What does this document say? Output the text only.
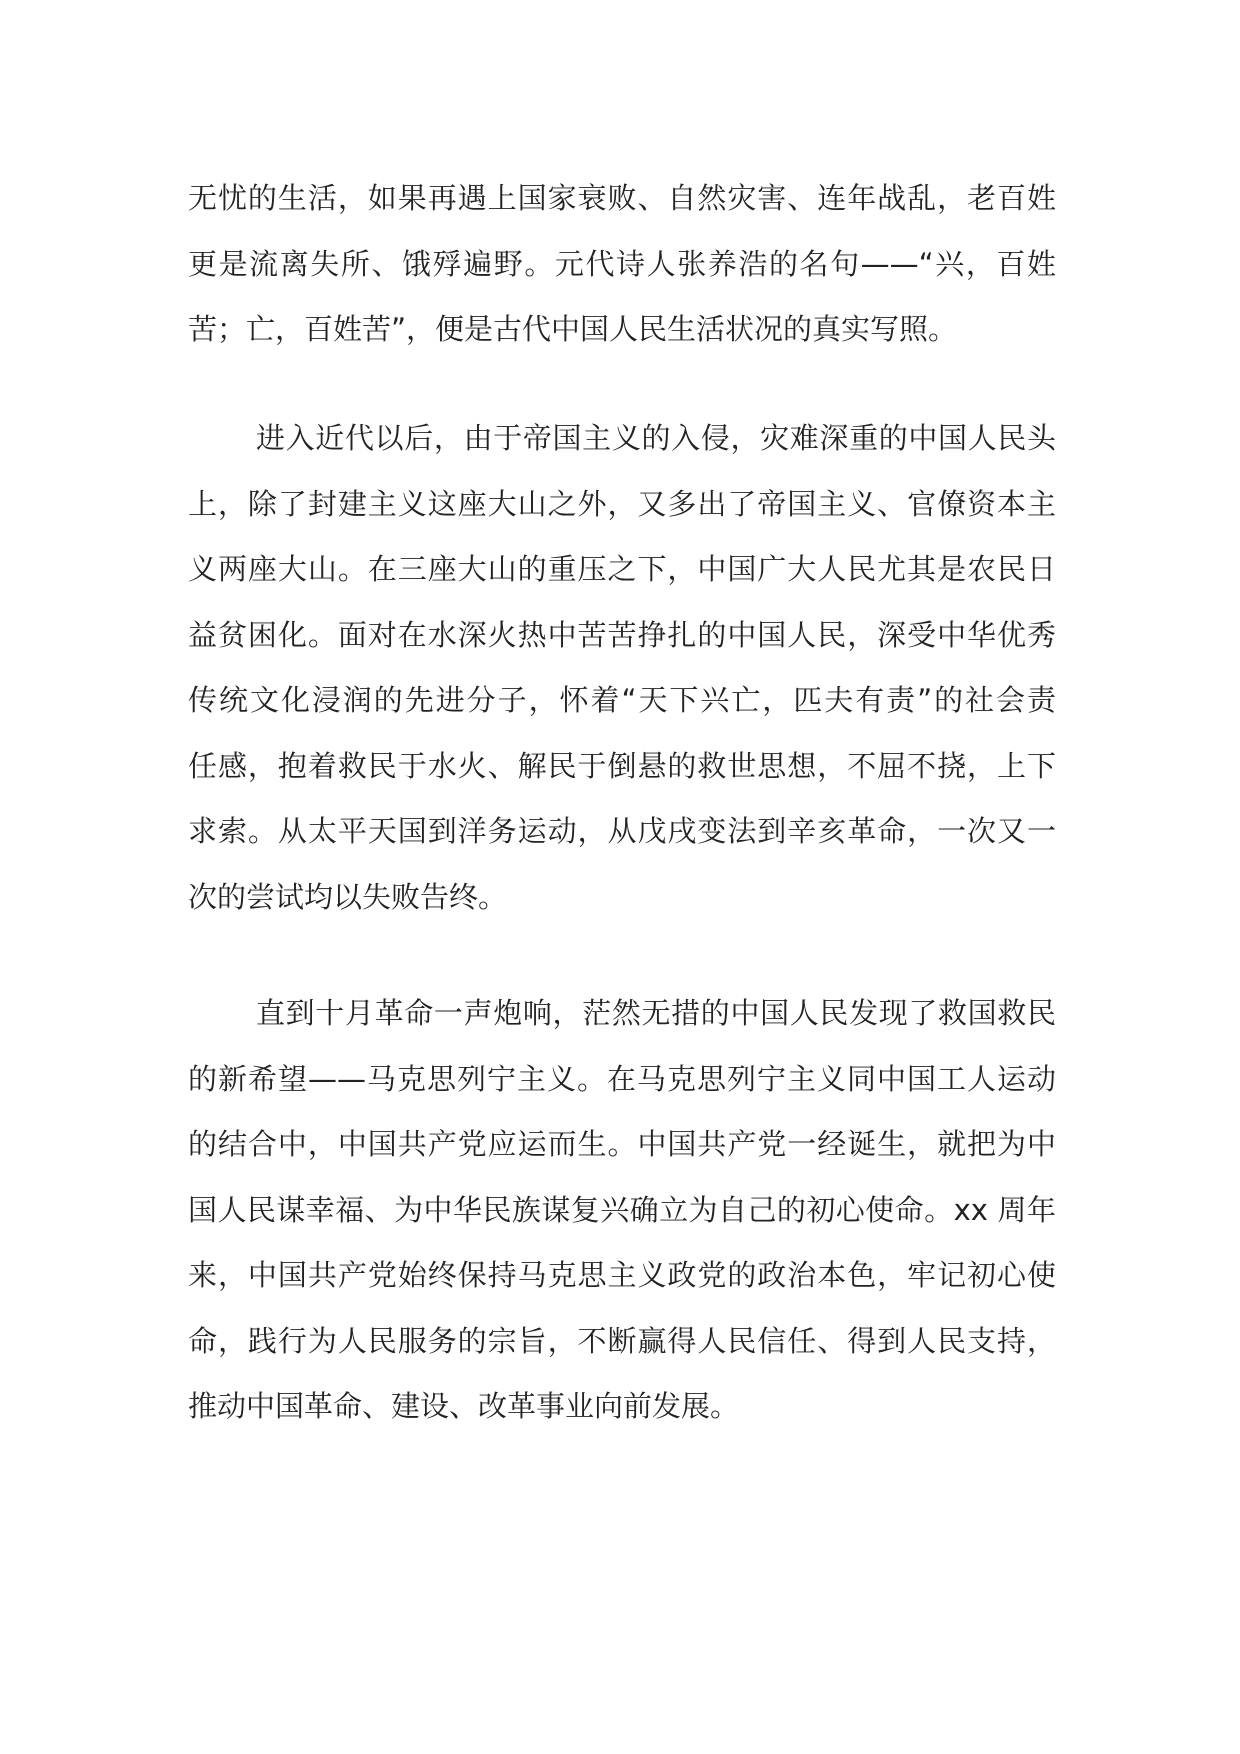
无忧的生活，如果再遇上国家衰败、自然灾害、连年战乱，老百姓
更是流离失所、饿殍遍野。元代诗人张养浩的名句——“兴，百姓
苦；亡，百姓苦”，便是古代中国人民生活状况的真实写照。

进入近代以后，由于帝国主义的入侵，灾难深重的中国人民头
上，除了封建主义这座大山之外，又多出了帝国主义、官僚资本主
义两座大山。在三座大山的重压之下，中国广大人民尤其是农民日
益贫困化。面对在水深火热中苦苦挣扎的中国人民，深受中华优秀
传统文化浸润的先进分子，怀着“天下兴亡，匹夫有责”的社会责
任感，抱着救民于水火、解民于倒悬的救世思想，不屈不挠，上下
求索。从太平天国到洋务运动，从戊戌变法到辛亥革命，一次又一
次的尝试均以失败告终。

直到十月革命一声炮响，茫然无措的中国人民发现了救国救民
的新希望——马克思列宁主义。在马克思列宁主义同中国工人运动
的结合中，中国共产党应运而生。中国共产党一经诞生，就把为中
国人民谋幸福、为中华民族谋复兴确立为自己的初心使命。xx 周年
来，中国共产党始终保持马克思主义政党的政治本色，牢记初心使
命，践行为人民服务的宗旨，不断赢得人民信任、得到人民支持，
推动中国革命、建设、改革事业向前发展。
